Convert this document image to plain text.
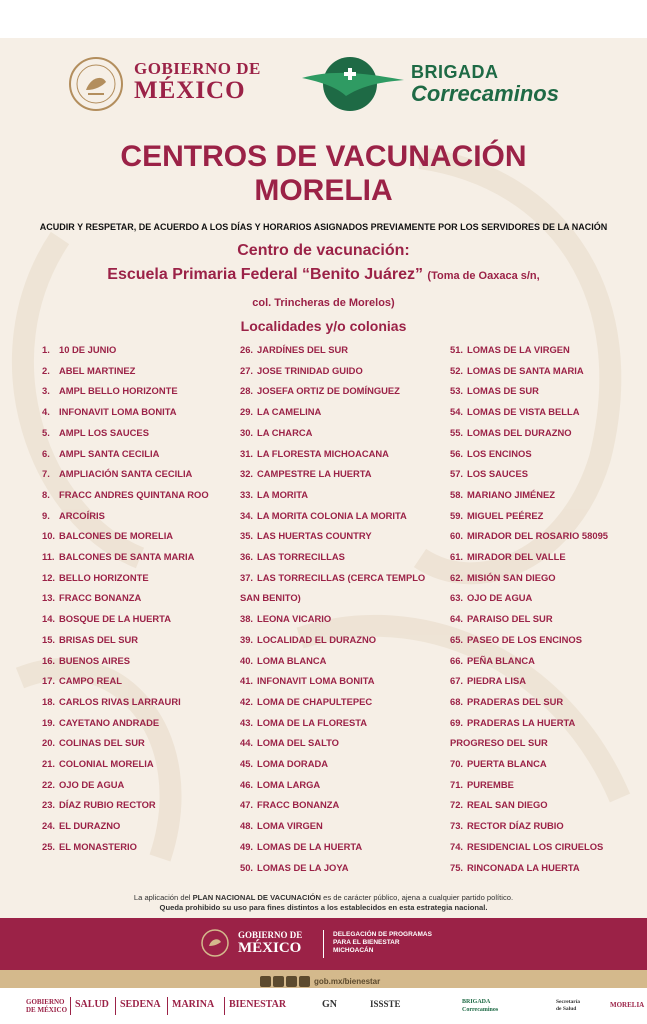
GOBIERNO DE
MÉXICO
BRIGADA
Correcaminos
CENTROS DE VACUNACIÓN
MORELIA
ACUDIR Y RESPETAR, DE ACUERDO A LOS DÍAS Y HORARIOS ASIGNADOS PREVIAMENTE POR LOS SERVIDORES DE LA NACIÓN
Centro de vacunación:
Escuela Primaria Federal “Benito Juárez” (Toma de Oaxaca s/n,
col. Trincheras de Morelos)
Localidades y/o colonias
1. 10 DE JUNIO
2. ABEL MARTINEZ
3. AMPL BELLO HORIZONTE
4. INFONAVIT LOMA BONITA
5. AMPL LOS SAUCES
6. AMPL SANTA CECILIA
7. AMPLIACIÓN SANTA CECILIA
8. FRACC ANDRES QUINTANA ROO
9. ARCOÍRIS
10. BALCONES DE MORELIA
11. BALCONES DE SANTA MARIA
12. BELLO HORIZONTE
13. FRACC BONANZA
14. BOSQUE DE LA HUERTA
15. BRISAS DEL SUR
16. BUENOS AIRES
17. CAMPO REAL
18. CARLOS RIVAS LARRAURI
19. CAYETANO ANDRADE
20. COLINAS DEL SUR
21. COLONIAL MORELIA
22. OJO DE AGUA
23. DÍAZ RUBIO RECTOR
24. EL DURAZNO
25. EL MONASTERIO
26. JARDÍNES DEL SUR
27. JOSE TRINIDAD GUIDO
28. JOSEFA ORTIZ DE DOMÍNGUEZ
29. LA CAMELINA
30. LA CHARCA
31. LA FLORESTA MICHOACANA
32. CAMPESTRE LA HUERTA
33. LA MORITA
34. LA MORITA COLONIA LA MORITA
35. LAS HUERTAS COUNTRY
36. LAS TORRECILLAS
37. LAS TORRECILLAS (CERCA TEMPLO SAN BENITO)
38. LEONA VICARIO
39. LOCALIDAD EL DURAZNO
40. LOMA BLANCA
41. INFONAVIT LOMA BONITA
42. LOMA DE CHAPULTEPEC
43. LOMA DE LA FLORESTA
44. LOMA DEL SALTO
45. LOMA DORADA
46. LOMA LARGA
47. FRACC BONANZA
48. LOMA VIRGEN
49. LOMAS DE LA HUERTA
50. LOMAS DE LA JOYA
51. LOMAS DE LA VIRGEN
52. LOMAS DE SANTA MARIA
53. LOMAS DE SUR
54. LOMAS DE VISTA BELLA
55. LOMAS DEL DURAZNO
56. LOS ENCINOS
57. LOS SAUCES
58. MARIANO JIMÉNEZ
59. MIGUEL PEÉREZ
60. MIRADOR DEL ROSARIO 58095
61. MIRADOR DEL VALLE
62. MISIÓN SAN DIEGO
63. OJO DE AGUA
64. PARAISO DEL SUR
65. PASEO DE LOS ENCINOS
66. PEÑA BLANCA
67. PIEDRA LISA
68. PRADERAS DEL SUR
69. PRADERAS LA HUERTA PROGRESO DEL SUR
70. PUERTA BLANCA
71. PUREMBE
72. REAL SAN DIEGO
73. RECTOR DÍAZ RUBIO
74. RESIDENCIAL LOS CIRUELOS
75. RINCONADA LA HUERTA
La aplicación del PLAN NACIONAL DE VACUNACIÓN es de carácter público, ajena a cualquier partido político.
Queda prohibido su uso para fines distintos a los establecidos en esta estrategia nacional.
GOBIERNO DE
MÉXICO
DELEGACIÓN DE PROGRAMAS
PARA EL BIENESTAR
MICHOACÁN
gob.mx/bienestar
GOBIERNO DE MÉXICO SALUD SEDENA MARINA BIENESTAR	GN	ISSSTE	BRIGADA Correcaminos
Secretaría de Salud	MORELIA
